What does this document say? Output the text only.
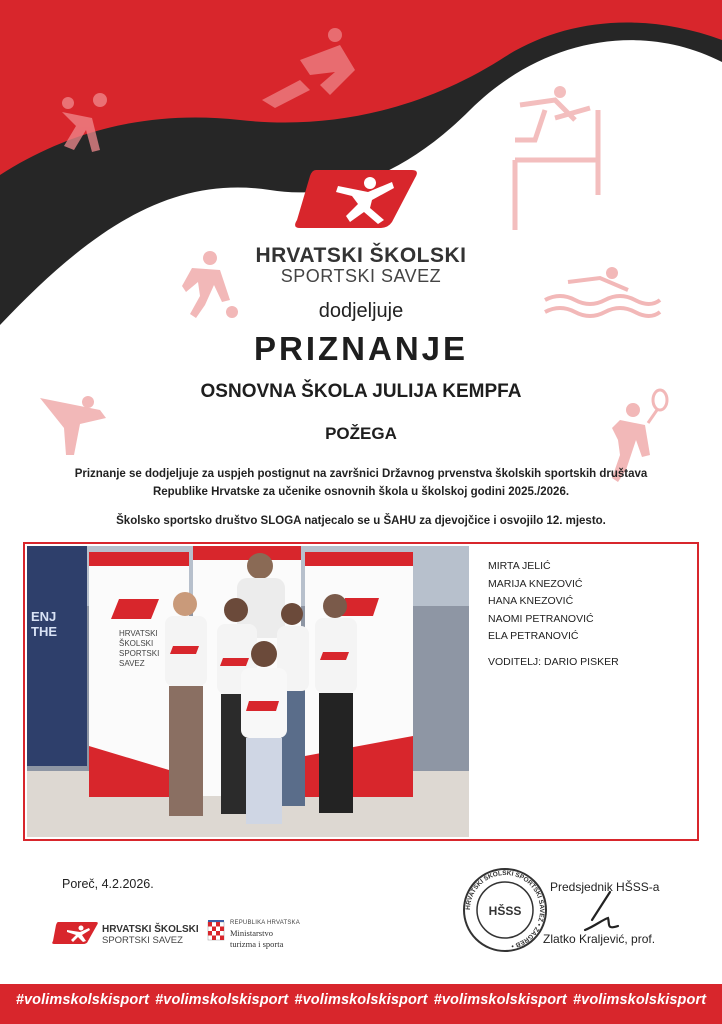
HRVATSKI ŠKOLSKI
SPORTSKI SAVEZ
dodjeljuje
PRIZNANJE
OSNOVNA ŠKOLA JULIJA KEMPFA
POŽEGA
Priznanje se dodjeljuje za uspjeh postignut na završnici Državnog prvenstva školskih sportskih društava
Republike Hrvatske za učenike osnovnih škola u školskoj godini 2025./2026.
Školsko sportsko društvo SLOGA natjecalo se u ŠAHU za djevojčice i osvojilo 12. mjesto.
ENJ
THE	HRVATSKI
ŠKOLSKI
SPORTSKI
SAVEZ
MIRTA JELIĆ
MARIJA KNEZOVIĆ
HANA KNEZOVIĆ
NAOMI PETRANOVIĆ
ELA PETRANOVIĆ
VODITELJ: DARIO PISKER
Poreč, 4.2.2026.	Predsjednik HŠSS-a
Zlatko Kraljević, prof.
HŠSS
HRVATSKI ŠKOLSKI SPORTSKI SAVEZ • ZAGREB •
HRVATSKI ŠKOLSKI
SPORTSKI SAVEZ
REPUBLIKA HRVATSKA
Ministarstvo
turizma i sporta
#volimskolskisport #volimskolskisport #volimskolskisport #volimskolskisport #volimskolskisport
